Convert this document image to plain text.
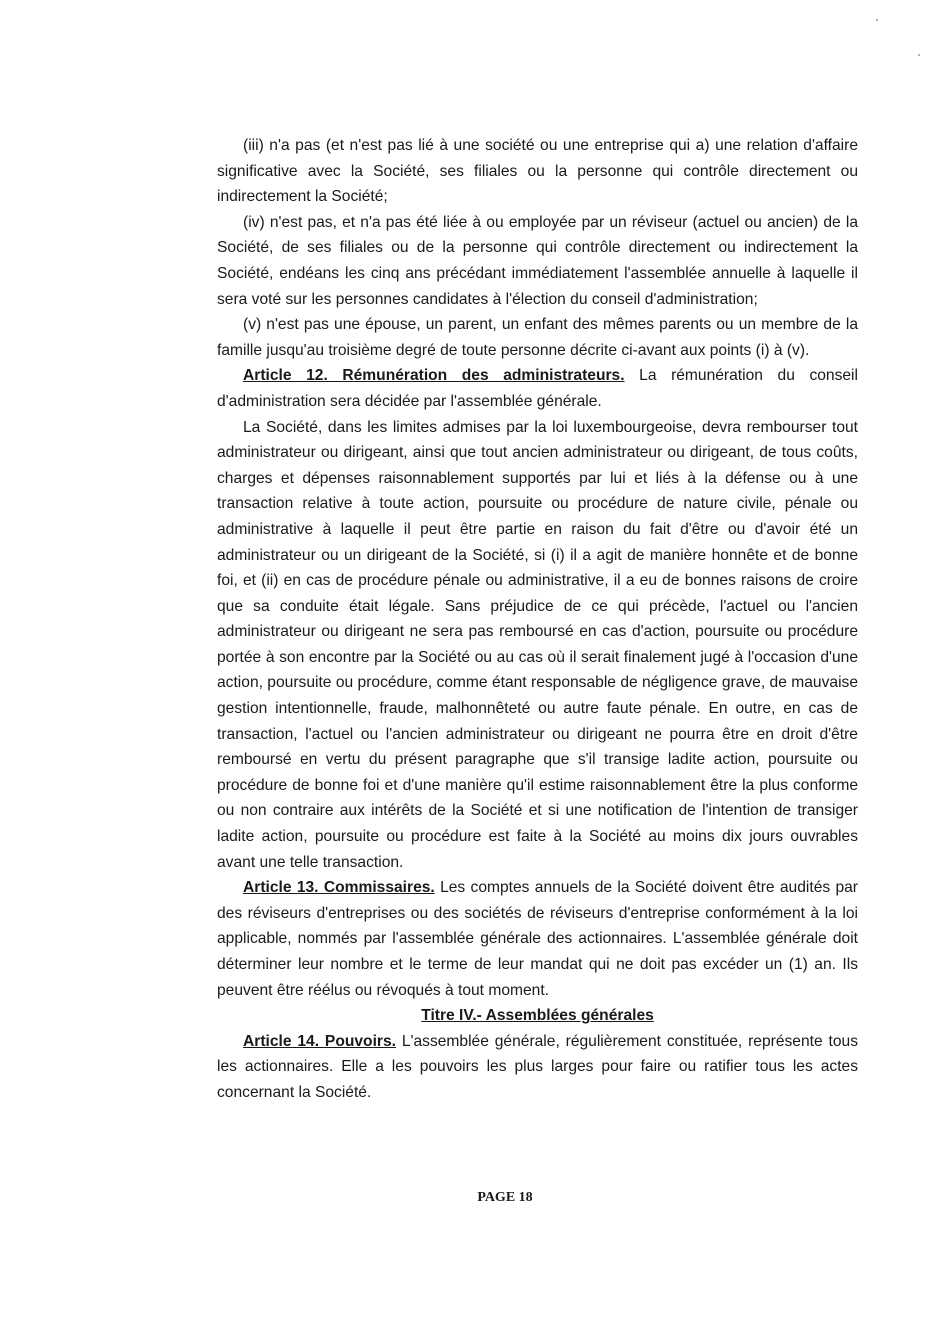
(iii) n'a pas (et n'est pas lié à une société ou une entreprise qui a) une relation d'affaire significative avec la Société, ses filiales ou la personne qui contrôle directement ou indirectement la Société;

(iv) n'est pas, et n'a pas été liée à ou employée par un réviseur (actuel ou ancien) de la Société, de ses filiales ou de la personne qui contrôle directement ou indirectement la Société, endéans les cinq ans précédant immédiatement l'assemblée annuelle à laquelle il sera voté sur les personnes candidates à l'élection du conseil d'administration;

(v) n'est pas une épouse, un parent, un enfant des mêmes parents ou un membre de la famille jusqu'au troisième degré de toute personne décrite ci-avant aux points (i) à (v).

Article 12. Rémunération des administrateurs. La rémunération du conseil d'administration sera décidée par l'assemblée générale.

La Société, dans les limites admises par la loi luxembourgeoise, devra rembourser tout administrateur ou dirigeant, ainsi que tout ancien administrateur ou dirigeant, de tous coûts, charges et dépenses raisonnablement supportés par lui et liés à la défense ou à une transaction relative à toute action, poursuite ou procédure de nature civile, pénale ou administrative à laquelle il peut être partie en raison du fait d'être ou d'avoir été un administrateur ou un dirigeant de la Société, si (i) il a agit de manière honnête et de bonne foi, et (ii) en cas de procédure pénale ou administrative, il a eu de bonnes raisons de croire que sa conduite était légale. Sans préjudice de ce qui précède, l'actuel ou l'ancien administrateur ou dirigeant ne sera pas remboursé en cas d'action, poursuite ou procédure portée à son encontre par la Société ou au cas où il serait finalement jugé à l'occasion d'une action, poursuite ou procédure, comme étant responsable de négligence grave, de mauvaise gestion intentionnelle, fraude, malhonnêteté ou autre faute pénale. En outre, en cas de transaction, l'actuel ou l'ancien administrateur ou dirigeant ne pourra être en droit d'être remboursé en vertu du présent paragraphe que s'il transige ladite action, poursuite ou procédure de bonne foi et d'une manière qu'il estime raisonnablement être la plus conforme ou non contraire aux intérêts de la Société et si une notification de l'intention de transiger ladite action, poursuite ou procédure est faite à la Société au moins dix jours ouvrables avant une telle transaction.

Article 13. Commissaires. Les comptes annuels de la Société doivent être audités par des réviseurs d'entreprises ou des sociétés de réviseurs d'entreprise conformément à la loi applicable, nommés par l'assemblée générale des actionnaires. L'assemblée générale doit déterminer leur nombre et le terme de leur mandat qui ne doit pas excéder un (1) an. Ils peuvent être réélus ou révoqués à tout moment.

Titre IV.- Assemblées générales

Article 14. Pouvoirs. L'assemblée générale, régulièrement constituée, représente tous les actionnaires. Elle a les pouvoirs les plus larges pour faire ou ratifier tous les actes concernant la Société.

PAGE 18
